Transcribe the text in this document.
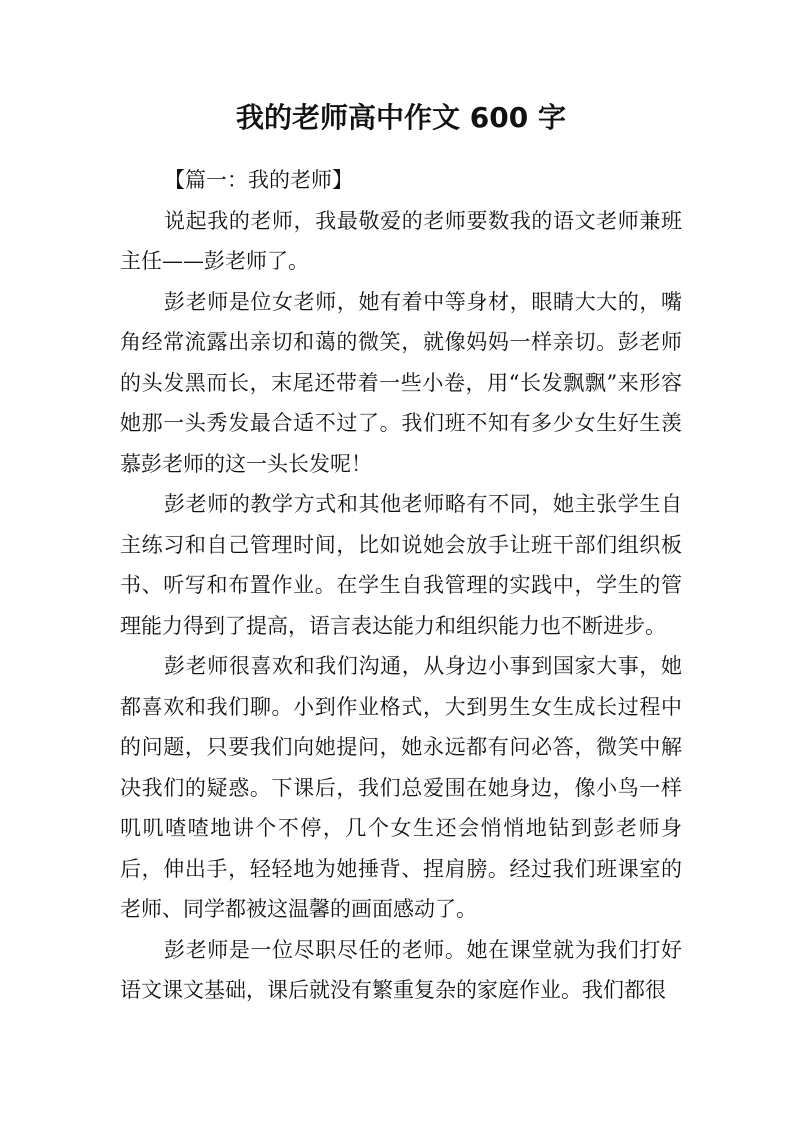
我的老师高中作文 600 字

【篇一：我的老师】

说起我的老师，我最敬爱的老师要数我的语文老师兼班主任——彭老师了。

彭老师是位女老师，她有着中等身材，眼睛大大的，嘴角经常流露出亲切和蔼的微笑，就像妈妈一样亲切。彭老师的头发黑而长，末尾还带着一些小卷，用“长发飘飘”来形容她那一头秀发最合适不过了。我们班不知有多少女生好生羡慕彭老师的这一头长发呢！

彭老师的教学方式和其他老师略有不同，她主张学生自主练习和自己管理时间，比如说她会放手让班干部们组织板书、听写和布置作业。在学生自我管理的实践中，学生的管理能力得到了提高，语言表达能力和组织能力也不断进步。

彭老师很喜欢和我们沟通，从身边小事到国家大事，她都喜欢和我们聊。小到作业格式，大到男生女生成长过程中的问题，只要我们向她提问，她永远都有问必答，微笑中解决我们的疑惑。下课后，我们总爱围在她身边，像小鸟一样叽叽喳喳地讲个不停，几个女生还会悄悄地钻到彭老师身后，伸出手，轻轻地为她捶背、捏肩膀。经过我们班课室的老师、同学都被这温馨的画面感动了。

彭老师是一位尽职尽任的老师。她在课堂就为我们打好语文课文基础，课后就没有繁重复杂的家庭作业。我们都很
